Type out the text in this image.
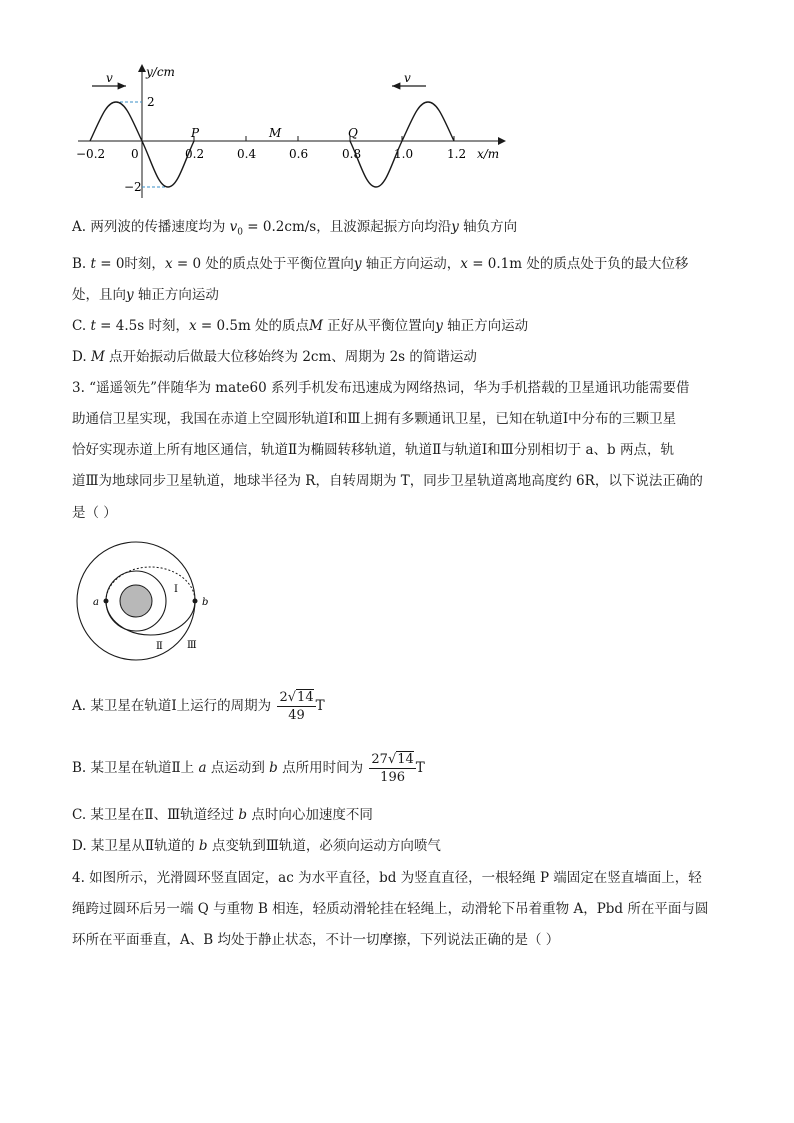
y/cm
x/m
2
−2
−0.2 0	0.2	0.4	0.6	0.8	1.0	1.2
P	M	Q
v	v
A. 两列波的传播速度均为 $v_0 = 0.2cm/s$，且波源起振方向均沿y 轴负方向
B. t = 0时刻，x = 0 处的质点处于平衡位置向y 轴正方向运动，x = 0.1m 处的质点处于负的最大位移
处，且向y 轴正方向运动
C. t = 4.5s 时刻，x = 0.5m 处的质点M 正好从平衡位置向y 轴正方向运动
D. M 点开始振动后做最大位移始终为 2cm、周期为 2s 的简谐运动
3. “遥遥领先”伴随华为 mate60 系列手机发布迅速成为网络热词，华为手机搭载的卫星通讯功能需要借
助通信卫星实现，我国在赤道上空圆形轨道Ⅰ和Ⅲ上拥有多颗通讯卫星，已知在轨道Ⅰ中分布的三颗卫星
恰好实现赤道上所有地区通信，轨道Ⅱ为椭圆转移轨道，轨道Ⅱ与轨道Ⅰ和Ⅲ分别相切于 a、b 两点，轨
道Ⅲ为地球同步卫星轨道，地球半径为 R，自转周期为 T，同步卫星轨道离地高度约 6R，以下说法正确的
是（ ）
a	b
Ⅰ
Ⅱ Ⅲ
A. 某卫星在轨道Ⅰ上运行的周期为 $\frac{2√14}{49}$ T
B. 某卫星在轨道Ⅱ上 a 点运动到 b 点所用时间为 $\frac{27√14}{196}$ T
C. 某卫星在Ⅱ、Ⅲ轨道经过 b 点时向心加速度不同
D. 某卫星从Ⅱ轨道的 b 点变轨到Ⅲ轨道，必须向运动方向喷气
4. 如图所示，光滑圆环竖直固定，ac 为水平直径，bd 为竖直直径，一根轻绳 P 端固定在竖直墙面上，轻
绳跨过圆环后另一端 Q 与重物 B 相连，轻质动滑轮挂在轻绳上，动滑轮下吊着重物 A，Pbd 所在平面与圆
环所在平面垂直，A、B 均处于静止状态，不计一切摩擦，下列说法正确的是（ ）
